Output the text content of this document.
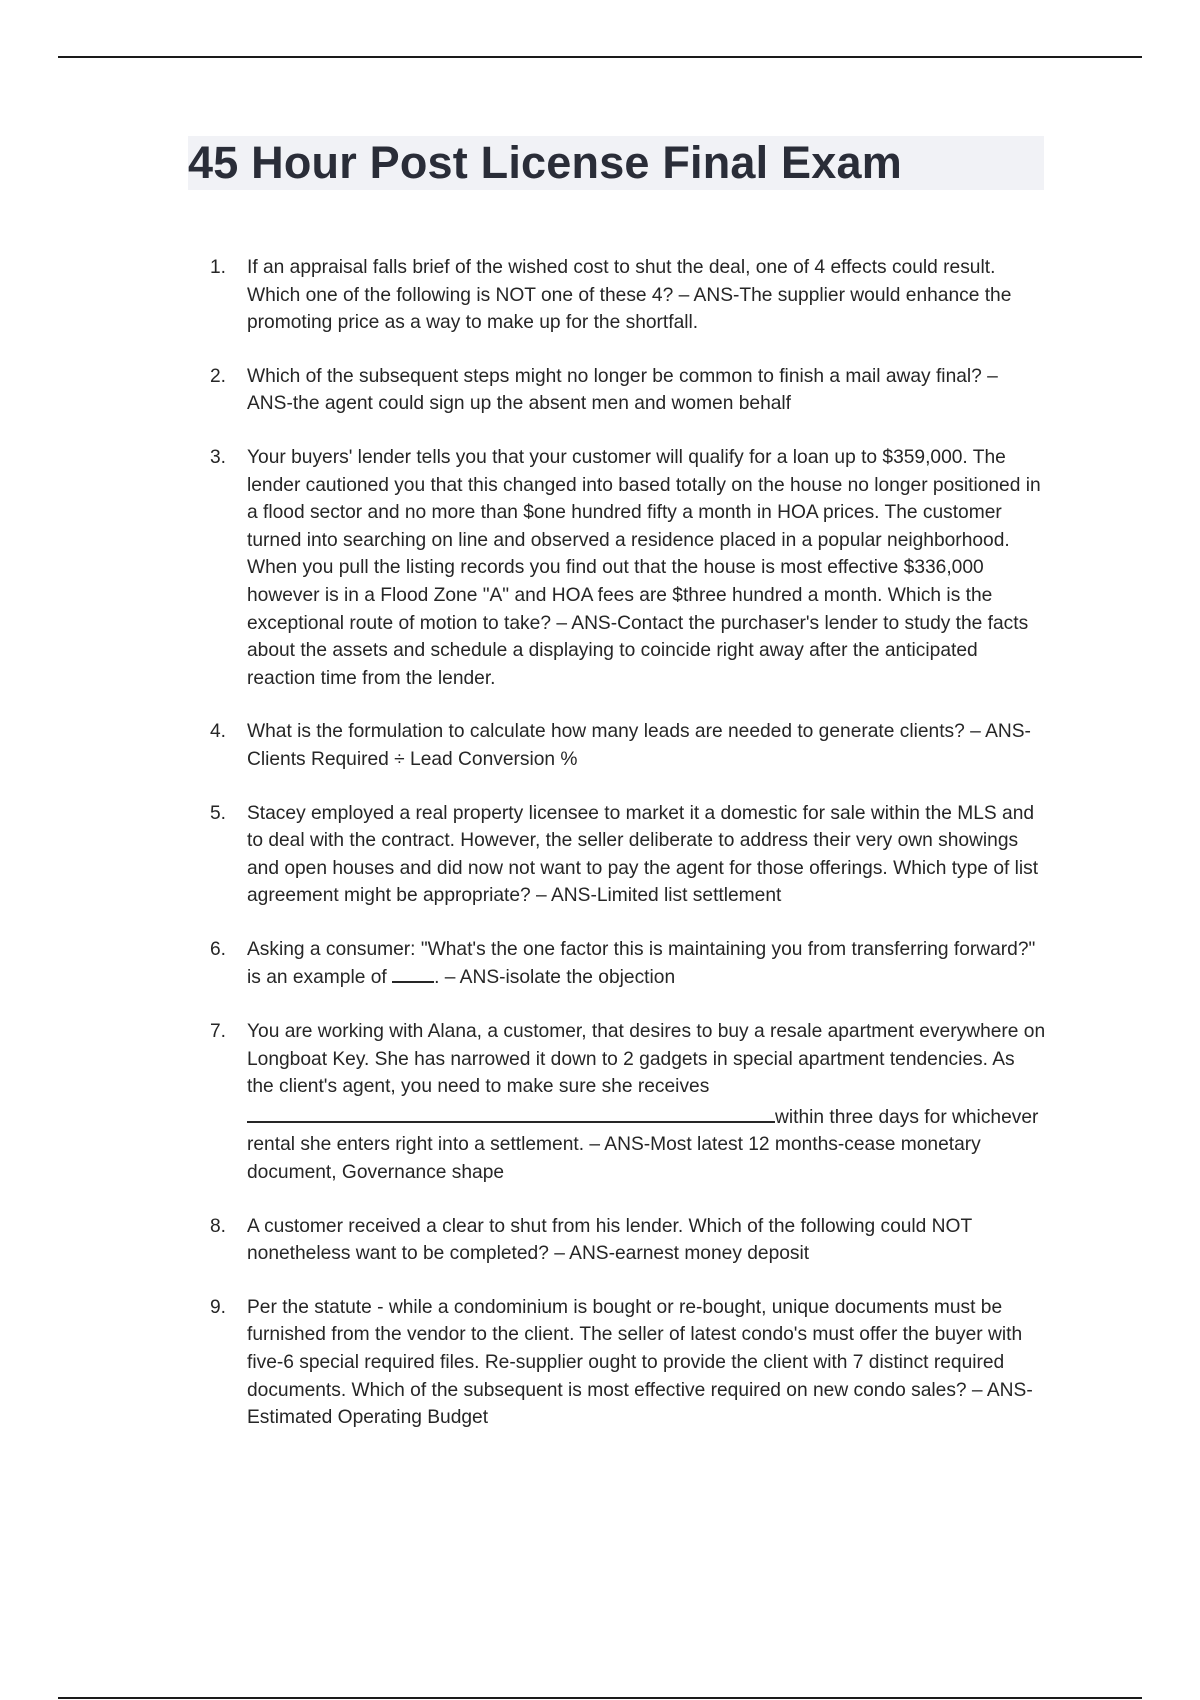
45 Hour Post License Final Exam
1.	If an appraisal falls brief of the wished cost to shut the deal, one of 4 effects could result. Which one of the following is NOT one of these 4? – ANS-The supplier would enhance the promoting price as a way to make up for the shortfall.
2.	Which of the subsequent steps might no longer be common to finish a mail away final? – ANS-the agent could sign up the absent men and women behalf
3.	Your buyers' lender tells you that your customer will qualify for a loan up to $359,000. The lender cautioned you that this changed into based totally on the house no longer positioned in a flood sector and no more than $one hundred fifty a month in HOA prices. The customer turned into searching on line and observed a residence placed in a popular neighborhood. When you pull the listing records you find out that the house is most effective $336,000 however is in a Flood Zone "A" and HOA fees are $three hundred a month. Which is the exceptional route of motion to take? – ANS-Contact the purchaser's lender to study the facts about the assets and schedule a displaying to coincide right away after the anticipated reaction time from the lender.
4.	What is the formulation to calculate how many leads are needed to generate clients? – ANS-Clients Required ÷ Lead Conversion %
5.	Stacey employed a real property licensee to market it a domestic for sale within the MLS and to deal with the contract. However, the seller deliberate to address their very own showings and open houses and did now not want to pay the agent for those offerings. Which type of list agreement might be appropriate? – ANS-Limited list settlement
6.	Asking a consumer: "What's the one factor this is maintaining you from transferring forward?" is an example of . – ANS-isolate the objection
7.	You are working with Alana, a customer, that desires to buy a resale apartment everywhere on Longboat Key. She has narrowed it down to 2 gadgets in special apartment tendencies. As the client's agent, you need to make sure she receives
within three days for whichever rental she enters right into a settlement. – ANS-Most latest 12 months-cease monetary document, Governance shape
8.	A customer received a clear to shut from his lender. Which of the following could NOT nonetheless want to be completed? – ANS-earnest money deposit
9.	Per the statute - while a condominium is bought or re-bought, unique documents must be furnished from the vendor to the client. The seller of latest condo's must offer the buyer with five-6 special required files. Re-supplier ought to provide the client with 7 distinct required documents. Which of the subsequent is most effective required on new condo sales? – ANS-Estimated Operating Budget
